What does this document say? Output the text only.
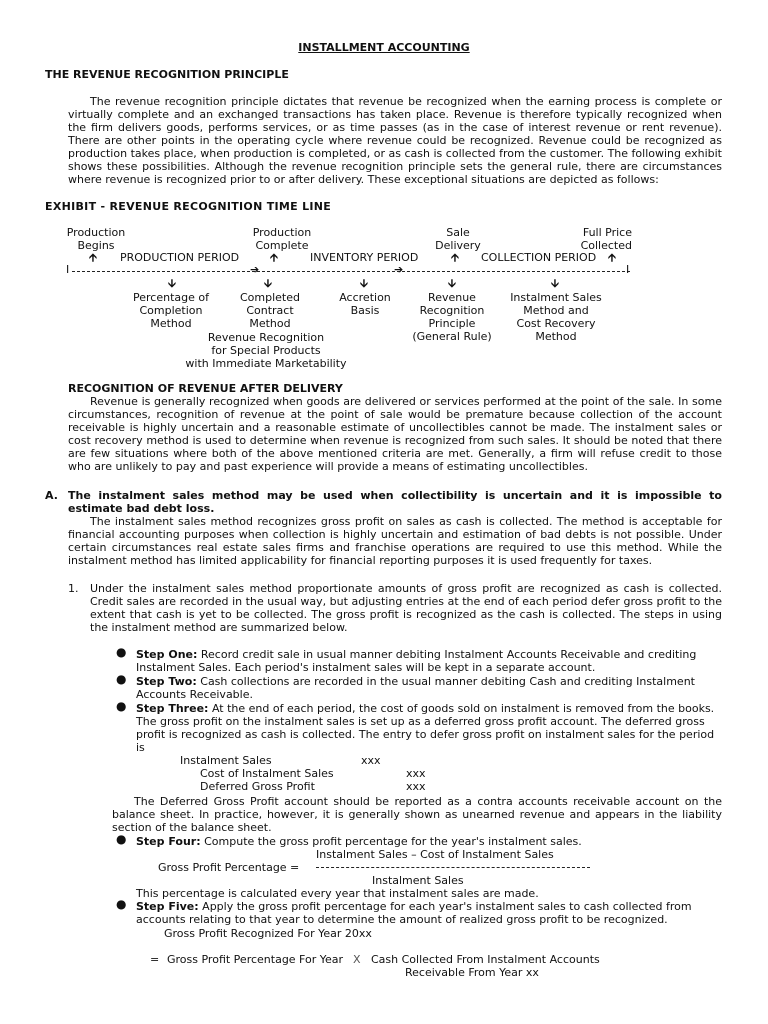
INSTALLMENT ACCOUNTING
THE REVENUE RECOGNITION PRINCIPLE
The revenue recognition principle dictates that revenue be recognized when the earning process is complete or virtually complete and an exchanged transactions has taken place. Revenue is therefore typically recognized when the firm delivers goods, performs services, or as time passes (as in the case of interest revenue or rent revenue). There are other points in the operating cycle where revenue could be recognized. Revenue could be recognized as production takes place, when production is completed, or as cash is collected from the customer. The following exhibit shows these possibilities. Although the revenue recognition principle sets the general rule, there are circumstances where revenue is recognized prior to or after delivery. These exceptional situations are depicted as follows:
EXHIBIT - REVENUE RECOGNITION TIME LINE
Production
Begins
Production
Complete
Sale
Delivery
Full Price
Collected
🡩 PRODUCTION PERIOD	🡩	INVENTORY PERIOD	🡩 COLLECTION PERIOD 🡩
I	➔	➔	I
🡫	🡫	🡫	🡫	🡫
Percentage of
Completion
Method
Completed
Contract
Method
Accretion
Basis
Revenue
Recognition
Principle
(General Rule)
Instalment Sales
Method and
Cost Recovery
Method
Revenue Recognition
for Special Products
with Immediate Marketability
RECOGNITION OF REVENUE AFTER DELIVERY
Revenue is generally recognized when goods are delivered or services performed at the point of the sale. In some circumstances, recognition of revenue at the point of sale would be premature because collection of the account receivable is highly uncertain and a reasonable estimate of uncollectibles cannot be made. The instalment sales or cost recovery method is used to determine when revenue is recognized from such sales. It should be noted that there are few situations where both of the above mentioned criteria are met. Generally, a firm will refuse credit to those who are unlikely to pay and past experience will provide a means of estimating uncollectibles.
A. The instalment sales method may be used when collectibility is uncertain and it is impossible to estimate bad debt loss.
The instalment sales method recognizes gross profit on sales as cash is collected. The method is acceptable for financial accounting purposes when collection is highly uncertain and estimation of bad debts is not possible. Under certain circumstances real estate sales firms and franchise operations are required to use this method. While the instalment method has limited applicability for financial reporting purposes it is used frequently for taxes.
1. Under the instalment sales method proportionate amounts of gross profit are recognized as cash is collected. Credit sales are recorded in the usual way, but adjusting entries at the end of each period defer gross profit to the extent that cash is yet to be collected. The gross profit is recognized as the cash is collected. The steps in using the instalment method are summarized below.
● Step One: Record credit sale in usual manner debiting Instalment Accounts Receivable and crediting Instalment Sales. Each period's instalment sales will be kept in a separate account.
● Step Two: Cash collections are recorded in the usual manner debiting Cash and crediting Instalment Accounts Receivable.
● Step Three: At the end of each period, the cost of goods sold on instalment is removed from the books. The gross profit on the instalment sales is set up as a deferred gross profit account. The deferred gross profit is recognized as cash is collected. The entry to defer gross profit on instalment sales for the period is
Instalment Sales	xxx
Cost of Instalment Sales	xxx
Deferred Gross Profit	xxx
The Deferred Gross Profit account should be reported as a contra accounts receivable account on the balance sheet. In practice, however, it is generally shown as unearned revenue and appears in the liability section of the balance sheet.
● Step Four: Compute the gross profit percentage for the year's instalment sales.
Instalment Sales – Cost of Instalment Sales
Gross Profit Percentage =
Instalment Sales
This percentage is calculated every year that instalment sales are made.
● Step Five: Apply the gross profit percentage for each year's instalment sales to cash collected from accounts relating to that year to determine the amount of realized gross profit to be recognized.
Gross Profit Recognized For Year 20xx
= Gross Profit Percentage For Year X Cash Collected From Instalment Accounts
Receivable From Year xx
